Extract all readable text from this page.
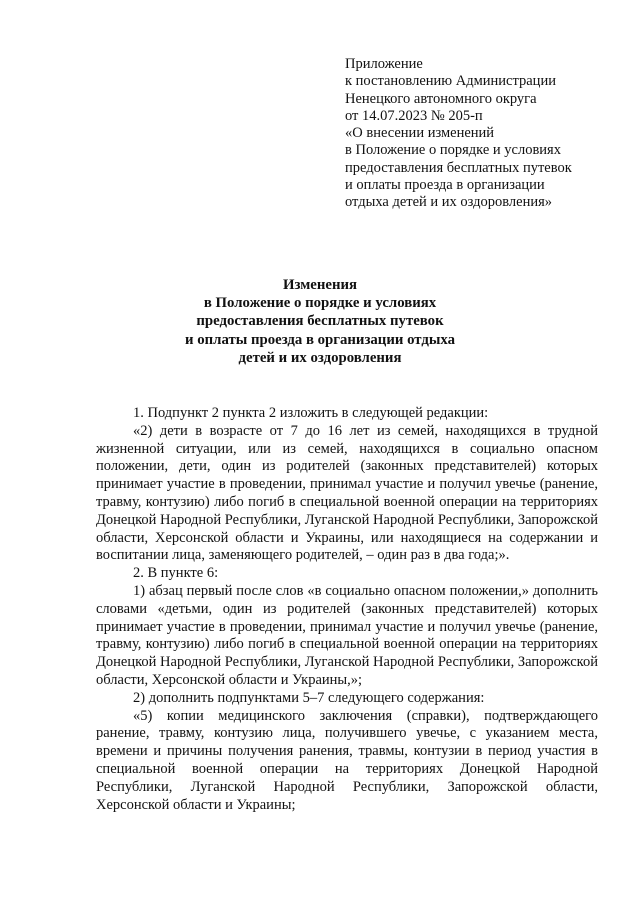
Приложение
к постановлению Администрации
Ненецкого автономного округа
от 14.07.2023 № 205-п
«О внесении изменений
в Положение о порядке и условиях
предоставления бесплатных путевок
и оплаты проезда в организации
отдыха детей и их оздоровления»
Изменения
в Положение о порядке и условиях
предоставления бесплатных путевок
и оплаты проезда в организации отдыха
детей и их оздоровления

1. Подпункт 2 пункта 2 изложить в следующей редакции:

«2) дети в возрасте от 7 до 16 лет из семей, находящихся в трудной жизненной ситуации, или из семей, находящихся в социально опасном положении, дети, один из родителей (законных представителей) которых принимает участие в проведении, принимал участие и получил увечье (ранение, травму, контузию) либо погиб в специальной военной операции на территориях Донецкой Народной Республики, Луганской Народной Республики, Запорожской области, Херсонской области и Украины, или находящиеся на содержании и воспитании лица, заменяющего родителей, – один раз в два года;».

2. В пункте 6:

1) абзац первый после слов «в социально опасном положении,» дополнить словами «детьми, один из родителей (законных представителей) которых принимает участие в проведении, принимал участие и получил увечье (ранение, травму, контузию) либо погиб в специальной военной операции на территориях Донецкой Народной Республики, Луганской Народной Республики, Запорожской области, Херсонской области и Украины,»;

2) дополнить подпунктами 5–7 следующего содержания:

«5) копии медицинского заключения (справки), подтверждающего ранение, травму, контузию лица, получившего увечье, с указанием места, времени и причины получения ранения, травмы, контузии в период участия в специальной военной операции на территориях Донецкой Народной Республики, Луганской Народной Республики, Запорожской области, Херсонской области и Украины;
